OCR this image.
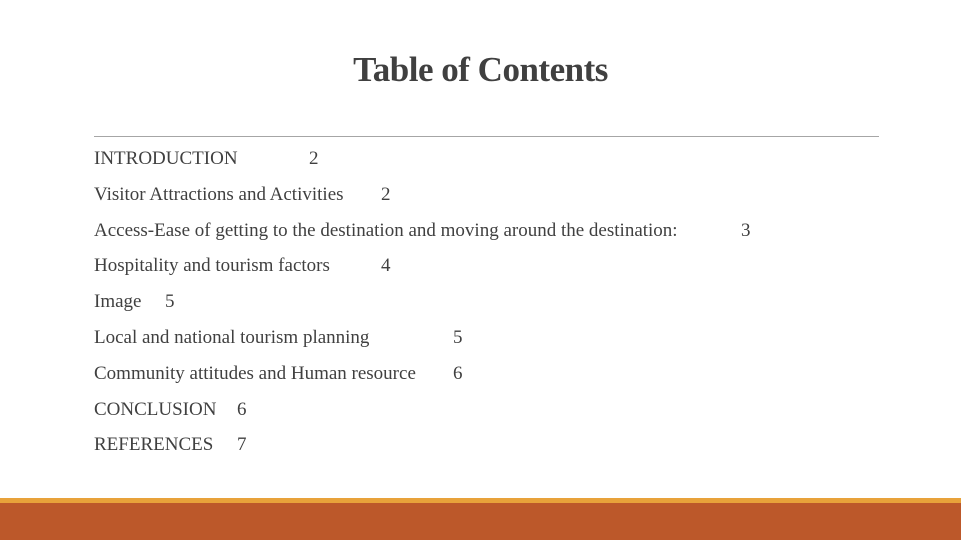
Table of Contents
INTRODUCTION	2
Visitor Attractions and Activities 2
Access-Ease of getting to the destination and moving around the destination:	3
Hospitality and tourism factors	4
Image 5
Local and national tourism planning	5
Community attitudes and Human resource 6
CONCLUSION 6
REFERENCES 7
